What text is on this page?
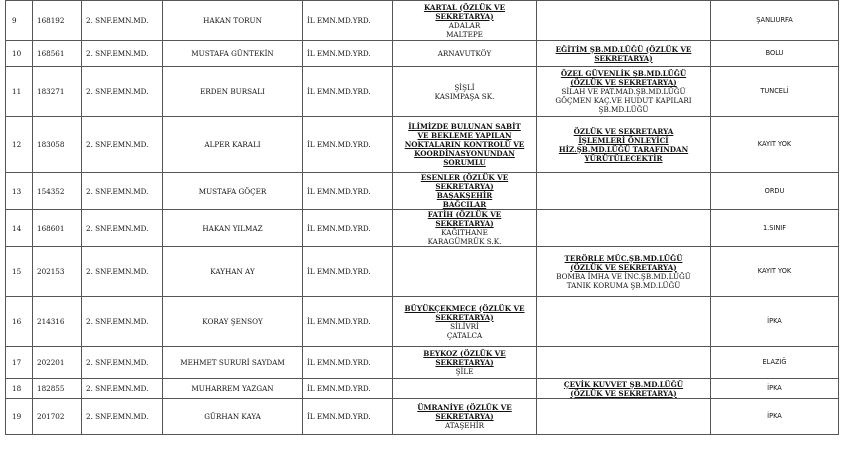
9	168192	2. SNF.EMN.MD.	HAKAN TORUN	İL EMN.MD.YRD.	KARTAL (ÖZLÜK VE
SEKRETARYA)
ADALAR
MALTEPE		ŞANLIURFA
10	168561	2. SNF.EMN.MD.	MUSTAFA GÜNTEKİN	İL EMN.MD.YRD.	ARNAVUTKÖY	EĞİTİM ŞB.MD.LÜĞÜ (ÖZLÜK VE
SEKRETARYA)	BOLU
11	183271	2. SNF.EMN.MD.	ERDEN BURSALI	İL EMN.MD.YRD.	ŞİŞLİ
KASIMPAŞA SK.	ÖZEL GÜVENLİK ŞB.MD.LÜĞÜ
(ÖZLÜK VE SEKRETARYA)
SİLAH VE PAT.MAD.ŞB.MD.LÜĞÜ
GÖÇMEN KAÇ.VE HUDUT KAPILARI
ŞB.MD.LÜĞÜ	TUNCELİ
12	183058	2. SNF.EMN.MD.	ALPER KARALI	İL EMN.MD.YRD.	İLİMİZDE BULUNAN SABİT
VE BEKLEME YAPILAN
NOKTALARIN KONTROLÜ VE
KOORDİNASYONUNDAN
SORUMLU	ÖZLÜK VE SEKRETARYA
İŞLEMLERİ ÖNLEYİCİ
HİZ.ŞB.MD.LÜĞÜ TARAFINDAN
YÜRÜTÜLECEKTİR	KAYIT YOK
13	154352	2. SNF.EMN.MD.	MUSTAFA GÖÇER	İL EMN.MD.YRD.	ESENLER (ÖZLÜK VE
SEKRETARYA)
BAŞAKŞEHİR
BAĞCILAR		ORDU
14	168601	2. SNF.EMN.MD.	HAKAN YILMAZ	İL EMN.MD.YRD.	FATİH (ÖZLÜK VE
SEKRETARYA)
KAĞITHANE
KARAGÜMRÜK S.K.		1.SINIF
15	202153	2. SNF.EMN.MD.	KAYHAN AY	İL EMN.MD.YRD.		TERÖRLE MÜC.ŞB.MD.LÜĞÜ
(ÖZLÜK VE SEKRETARYA)
BOMBA İMHA VE İNC.ŞB.MD.LÜĞÜ
TANIK KORUMA ŞB.MD.LÜĞÜ	KAYIT YOK
16	214316	2. SNF.EMN.MD.	KORAY ŞENSOY	İL EMN.MD.YRD.	BÜYÜKÇEKMECE (ÖZLÜK VE
SEKRETARYA)
SİLİVRİ
ÇATALCA		İPKA
17	202201	2. SNF.EMN.MD.	MEHMET SURURİ SAYDAM	İL EMN.MD.YRD.	BEYKOZ (ÖZLÜK VE
SEKRETARYA)
ŞİLE		ELAZIĞ
18	182855	2. SNF.EMN.MD.	MUHARREM YAZGAN	İL EMN.MD.YRD.		ÇEVİK KUVVET ŞB.MD.LÜĞÜ
(ÖZLÜK VE SEKRETARYA)	İPKA
19	201702	2. SNF.EMN.MD.	GÜRHAN KAYA	İL EMN.MD.YRD.	ÜMRANİYE (ÖZLÜK VE
SEKRETARYA)
ATAŞEHİR		İPKA
